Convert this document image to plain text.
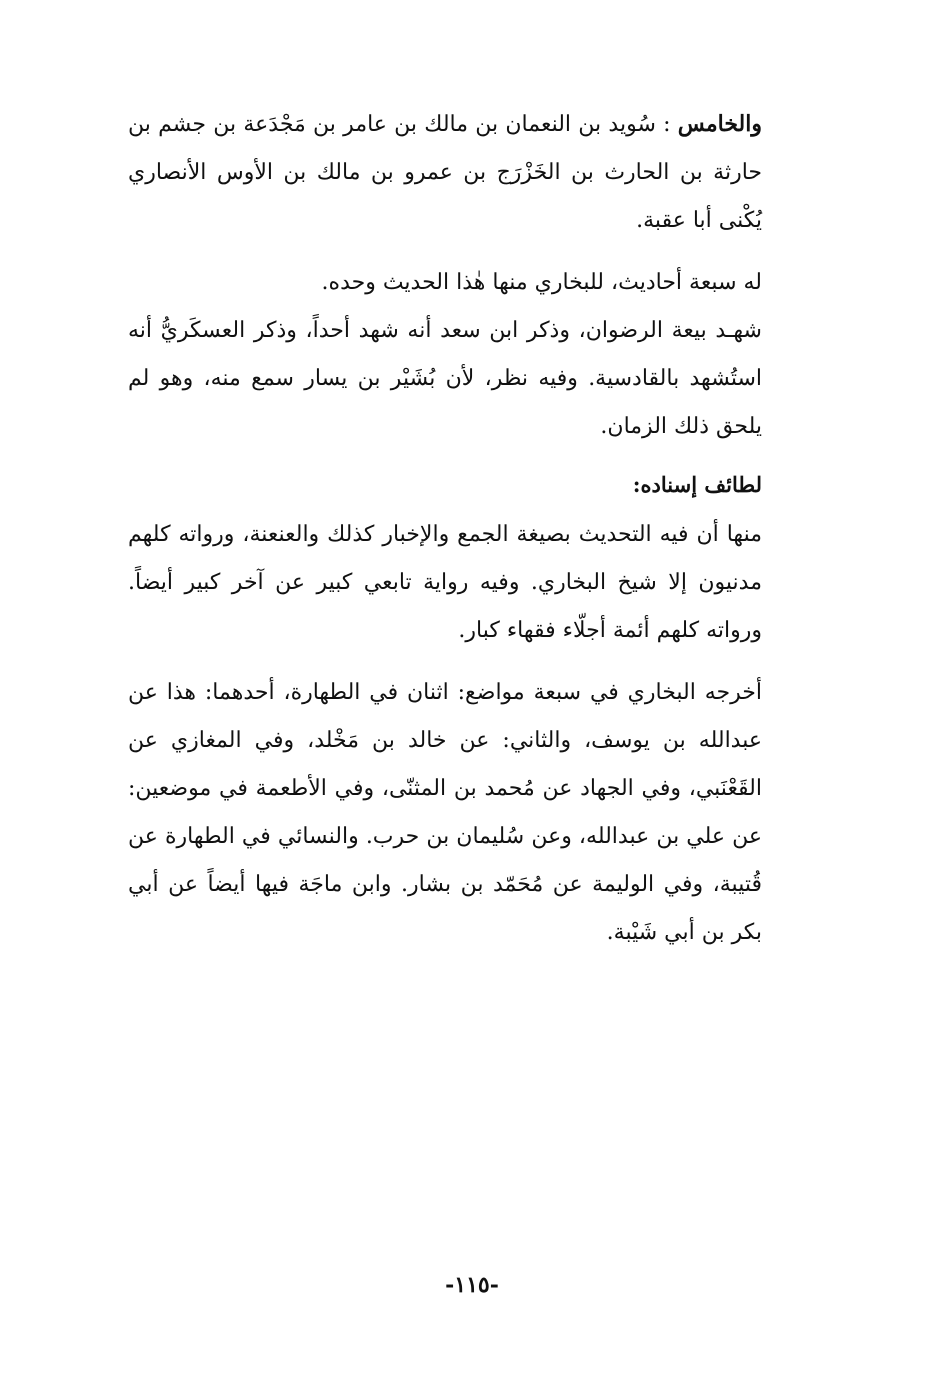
والخامس : سُويد بن النعمان بن مالك بن عامر بن مَجْدَعة بن جشم بن حارثة بن الحارث بن الخَزْرَج بن عمرو بن مالك بن الأوس الأنصاري يُكْنى أبا عقبة.

له سبعة أحاديث، للبخاري منها هٰذا الحديث وحده.

شهـد بيعة الرضوان، وذكر ابن سعد أنه شهد أحداً، وذكر العسكَريُّ أنه استُشهد بالقادسية. وفيه نظر، لأن بُشَيْر بن يسار سمع منه، وهو لم يلحق ذلك الزمان.

لطائف إسناده:

منها أن فيه التحديث بصيغة الجمع والإخبار كذلك والعنعنة، ورواته كلهم مدنيون إلا شيخ البخاري. وفيه رواية تابعي كبير عن آخر كبير أيضاً. ورواته كلهم أئمة أجلّاء فقهاء كبار.

أخرجه البخاري في سبعة مواضع: اثنان في الطهارة، أحدهما: هذا عن عبدالله بن يوسف، والثاني: عن خالد بن مَخْلد، وفي المغازي عن القَعْنَبي، وفي الجهاد عن مُحمد بن المثنّى، وفي الأطعمة في موضعين: عن علي بن عبدالله، وعن سُليمان بن حرب. والنسائي في الطهارة عن قُتيبة، وفي الوليمة عن مُحَمّد بن بشار. وابن ماجَة فيها أيضاً عن أبي بكر بن أبي شَيْبة.

-١١٥-
